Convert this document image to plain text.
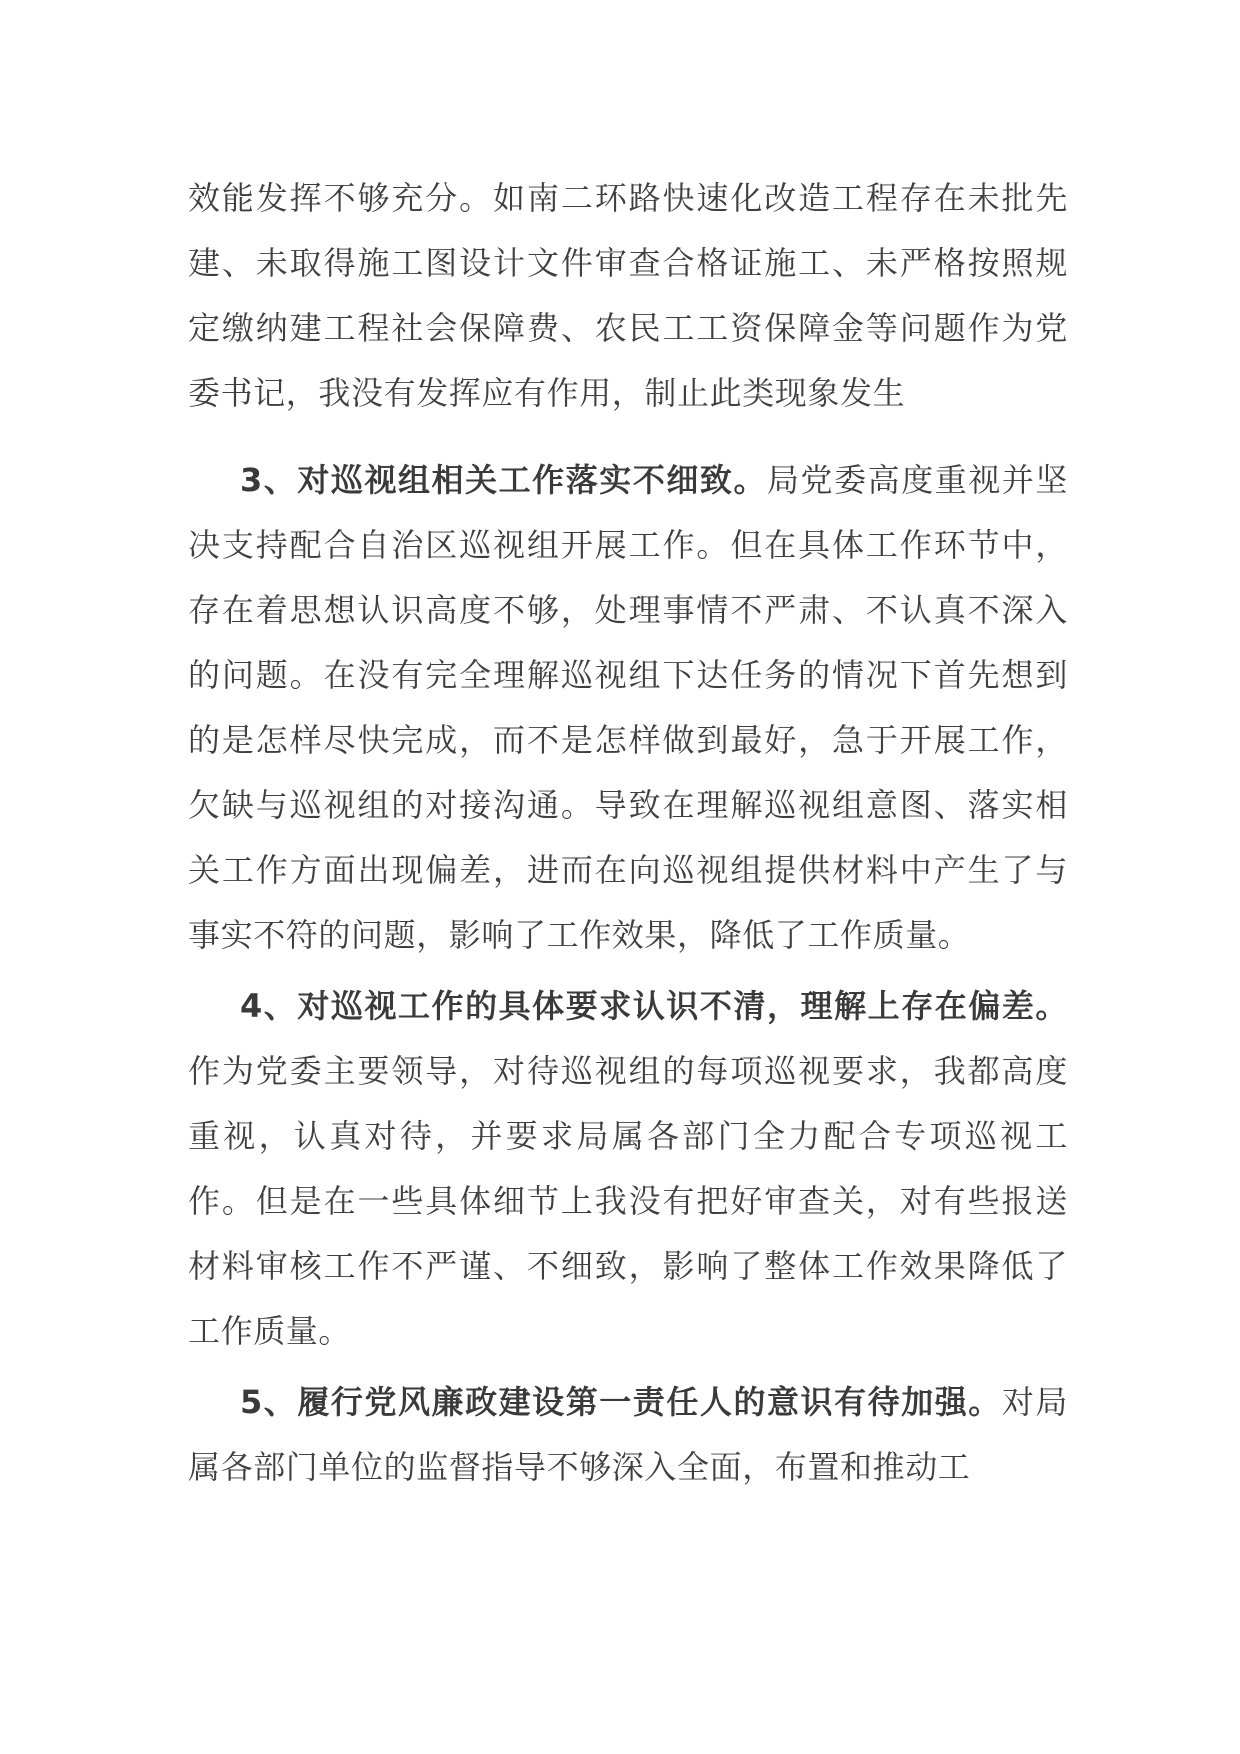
效能发挥不够充分。如南二环路快速化改造工程存在未批先建、未取得施工图设计文件审查合格证施工、未严格按照规定缴纳建工程社会保障费、农民工工资保障金等问题作为党委书记，我没有发挥应有作用，制止此类现象发生

3、对巡视组相关工作落实不细致。局党委高度重视并坚决支持配合自治区巡视组开展工作。但在具体工作环节中，存在着思想认识高度不够，处理事情不严肃、不认真不深入的问题。在没有完全理解巡视组下达任务的情况下首先想到的是怎样尽快完成，而不是怎样做到最好，急于开展工作，欠缺与巡视组的对接沟通。导致在理解巡视组意图、落实相关工作方面出现偏差，进而在向巡视组提供材料中产生了与事实不符的问题，影响了工作效果，降低了工作质量。

4、对巡视工作的具体要求认识不清，理解上存在偏差。作为党委主要领导，对待巡视组的每项巡视要求，我都高度重视，认真对待，并要求局属各部门全力配合专项巡视工作。但是在一些具体细节上我没有把好审查关，对有些报送材料审核工作不严谨、不细致，影响了整体工作效果降低了工作质量。

5、履行党风廉政建设第一责任人的意识有待加强。对局属各部门单位的监督指导不够深入全面，布置和推动工
